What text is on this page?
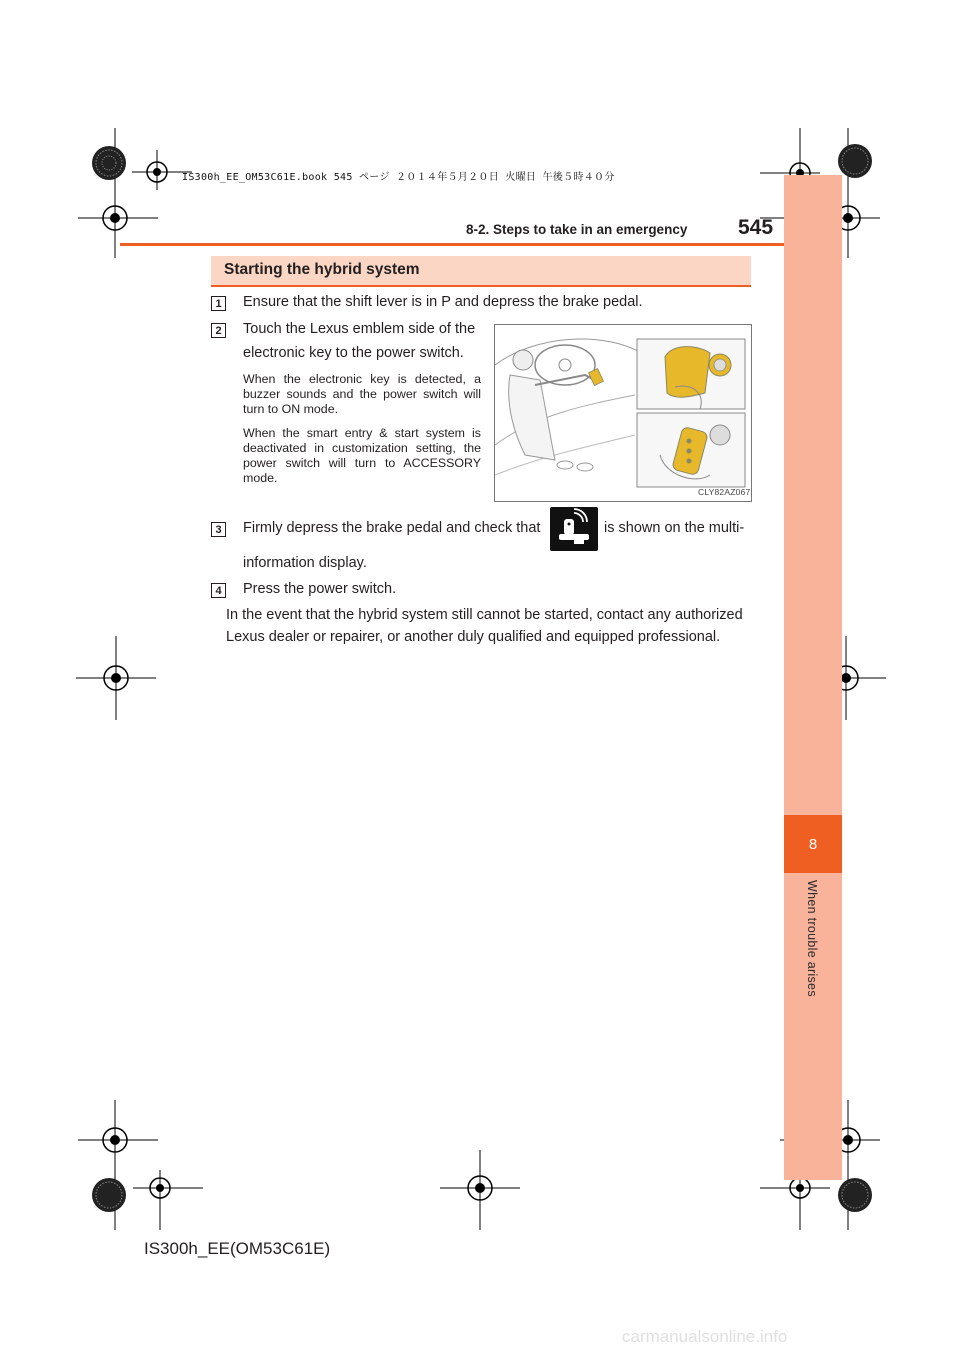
IS300h_EE_OM53C61E.book 545 ページ ２０１４年５月２０日 火曜日 午後５時４０分
8
When trouble arises
8-2. Steps to take in an emergency 545
Starting the hybrid system
1	Ensure that the shift lever is in P and depress the brake pedal.
2	Touch the Lexus emblem side of the
electronic key to the power switch.
When the electronic key is detected, a buzzer sounds and the power switch will turn to ON mode.
When the smart entry & start system is deactivated in customization setting, the power switch will turn to ACCESSORY mode.
CLY82AZ067
3	Firmly depress the brake pedal and check that	is shown on the multi-
information display.
4	Press the power switch.
In the event that the hybrid system still cannot be started, contact any authorized
Lexus dealer or repairer, or another duly qualified and equipped professional.
IS300h_EE(OM53C61E)
carmanualsonline.info
